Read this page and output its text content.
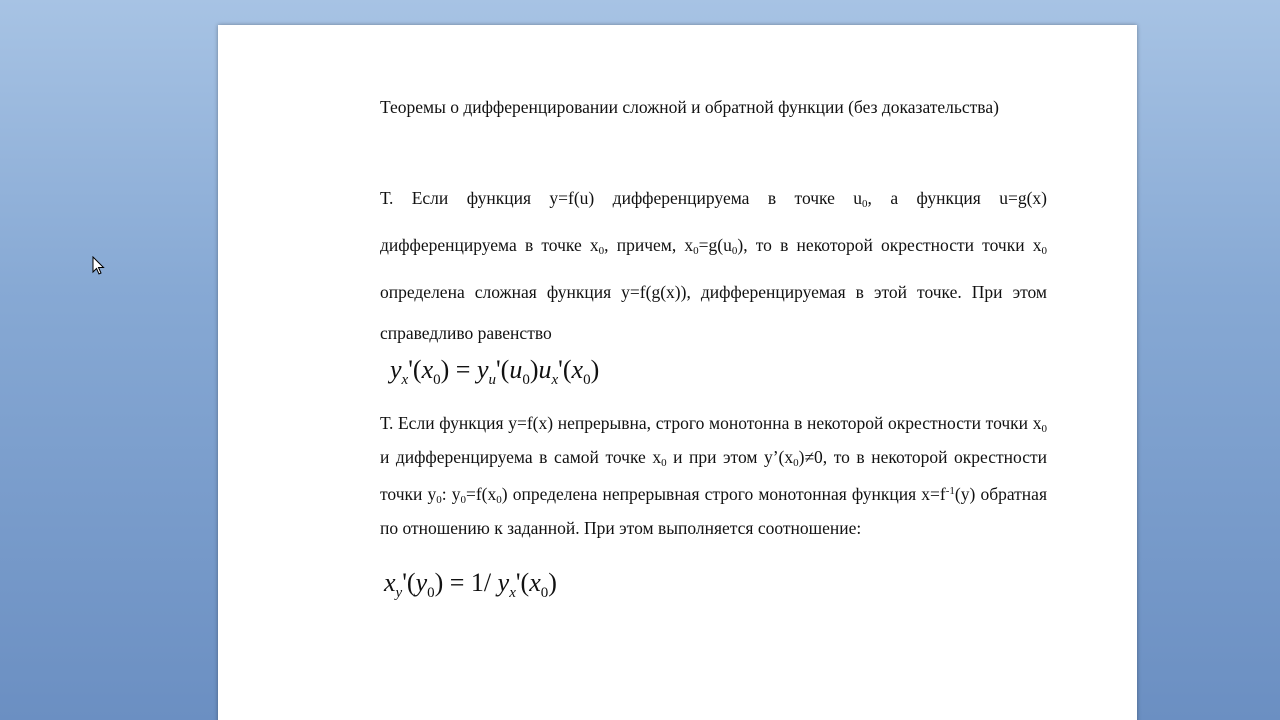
Теоремы о дифференцировании сложной и обратной функции (без доказательства)

Т. Если функция y=f(u) дифференцируема в точке $u_0$, а функция u=g(x) дифференцируема в точке $x_0$, причем, $x_0=g(u_0)$, то в некоторой окрестности точки $x_0$ определена сложная функция y=f(g(x)), дифференцируемая в этой точке. При этом справедливо равенство

$y_x'(x_0) = y_u'(u_0)u_x'(x_0)$

Т. Если функция y=f(x) непрерывна, строго монотонна в некоторой окрестности точки $x_0$ и дифференцируема в самой точке $x_0$ и при этом $y’(x_0)\ne 0$, то в некоторой окрестности точки $y_0$: $y_0=f(x_0)$ определена непрерывная строго монотонная функция $x=f^{-1}(y)$ обратная по отношению к заданной. При этом выполняется соотношение:

$x_y'(y_0) = 1/$ $y_x'(x_0)$
